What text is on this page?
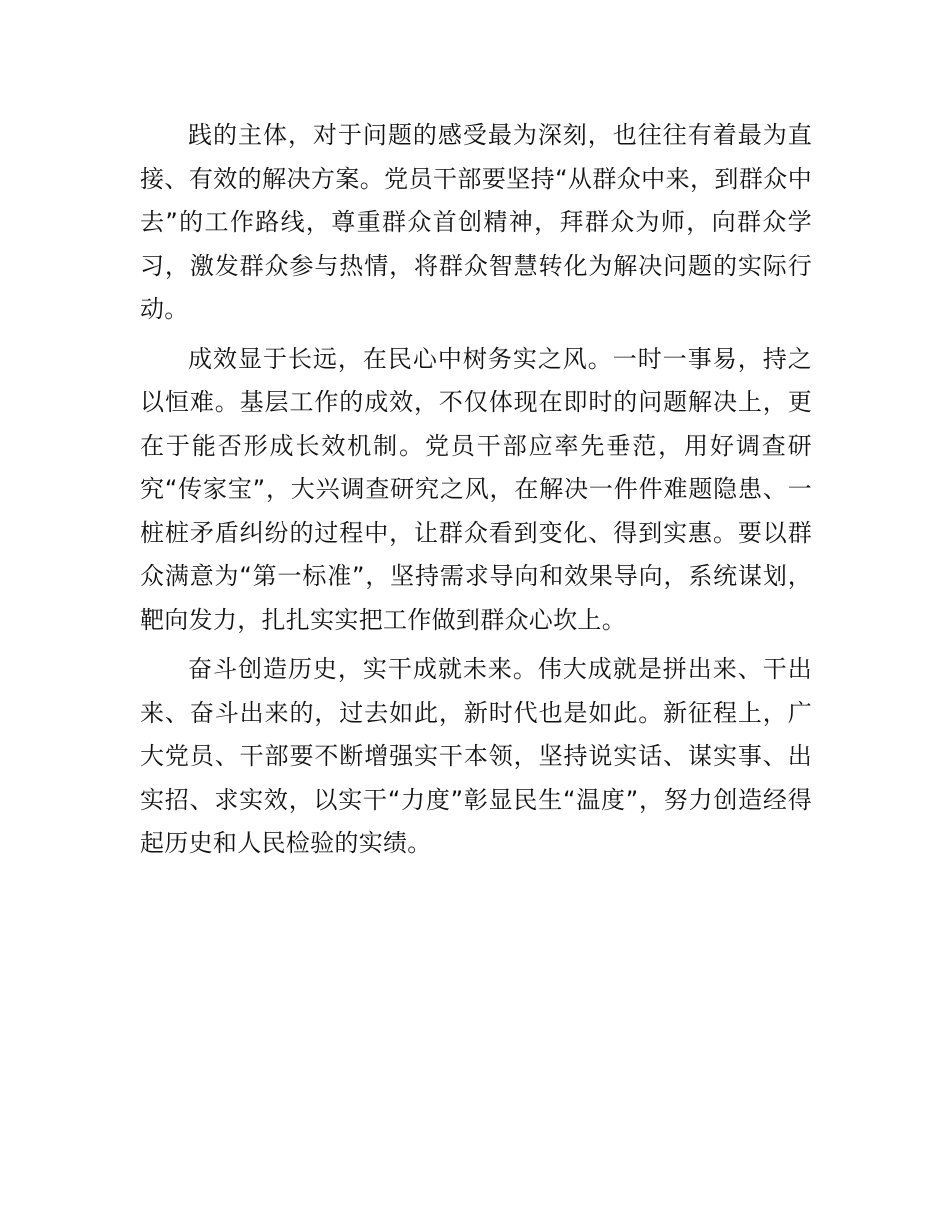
践的主体，对于问题的感受最为深刻，也往往有着最为直接、有效的解决方案。党员干部要坚持“从群众中来，到群众中去”的工作路线，尊重群众首创精神，拜群众为师，向群众学习，激发群众参与热情，将群众智慧转化为解决问题的实际行动。

成效显于长远，在民心中树务实之风。一时一事易，持之以恒难。基层工作的成效，不仅体现在即时的问题解决上，更在于能否形成长效机制。党员干部应率先垂范，用好调查研究“传家宝”，大兴调查研究之风，在解决一件件难题隐患、一桩桩矛盾纠纷的过程中，让群众看到变化、得到实惠。要以群众满意为“第一标准”，坚持需求导向和效果导向，系统谋划，靶向发力，扎扎实实把工作做到群众心坎上。

奋斗创造历史，实干成就未来。伟大成就是拼出来、干出来、奋斗出来的，过去如此，新时代也是如此。新征程上，广大党员、干部要不断增强实干本领，坚持说实话、谋实事、出实招、求实效，以实干“力度”彰显民生“温度”，努力创造经得起历史和人民检验的实绩。
